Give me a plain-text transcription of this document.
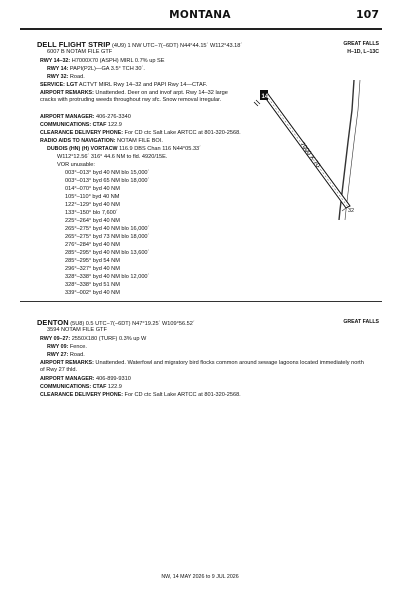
MONTANA	107
DELL FLIGHT STRIP (4U9) 1 NW UTC−7(−6DT) N44°44.15´ W112°43.18´	GREAT FALLS
6007 B NOTAM FILE GTF	H–1D, L–13C
RWY 14–32: H7000X70 (ASPH) MIRL 0.7% up SE
RWY 14: PAPI(P2L)—GA 3.5° TCH 30´.
RWY 32: Road.
SERVICE: LGT ACTVT MIRL Rwy 14–32 and PAPI Rwy 14—CTAF.
AIRPORT REMARKS: Unattended. Deer on and invof arpt. Rwy 14–32 large cracks with protruding weeds throughout rwy sfc. Snow removal irregular.
AIRPORT MANAGER: 406-276-3340
COMMUNICATIONS: CTAF 122.9
CLEARANCE DELIVERY PHONE: For CD ctc Salt Lake ARTCC at 801-320-2568.
RADIO AIDS TO NAVIGATION: NOTAM FILE BOI.
DUBOIS (HN) (H) VORTACW 116.9 DBS Chan 116 N44°05.33´
W112°12.56´ 316° 44.6 NM to fld. 4920/15E.
VOR unusable:
003°–013° byd 40 NM blo 15,000´
003°–013° byd 65 NM blo 18,000´
014°–070° byd 40 NM
105°–110° byd 40 NM
122°–129° byd 40 NM
133°–150° blo 7,600´
225°–264° byd 40 NM
265°–275° byd 40 NM blo 16,000´
265°–275° byd 73 NM blo 18,000´
276°–284° byd 40 NM
285°–295° byd 40 NM blo 13,600´
285°–295° byd 54 NM
296°–327° byd 40 NM
328°–338° byd 40 NM blo 12,000´
328°–338° byd 51 NM
339°–002° byd 40 NM
14
7000 X 70
32
DENTON (5U8) 0.5 UTC−7(−6DT) N47°19.25´ W109°56.52´	GREAT FALLS
3594 NOTAM FILE GTF
RWY 09–27: 2550X180 (TURF) 0.3% up W
RWY 09: Fence.
RWY 27: Road.
AIRPORT REMARKS: Unattended. Waterfowl and migratory bird flocks common around sewage lagoons located immediately north of Rwy 27 thld.
AIRPORT MANAGER: 406-899-9310
COMMUNICATIONS: CTAF 122.9
CLEARANCE DELIVERY PHONE: For CD ctc Salt Lake ARTCC at 801-320-2568.
NW, 14 MAY 2026 to 9 JUL 2026
